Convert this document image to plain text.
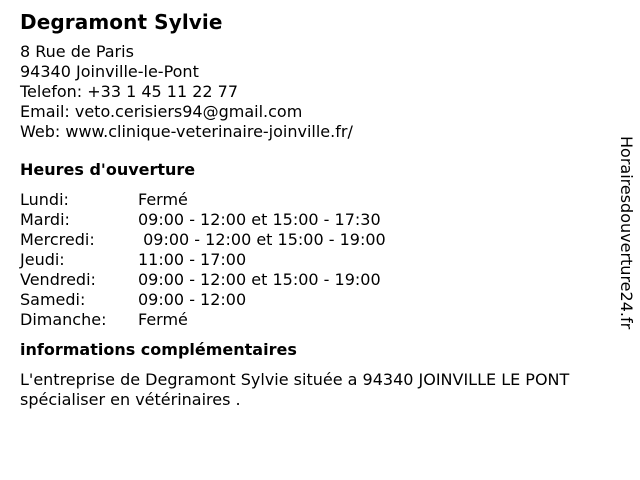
Degramont Sylvie
8 Rue de Paris
94340 Joinville-le-Pont
Telefon: +33 1 45 11 22 77
Email: veto.cerisiers94@gmail.com
Web: www.clinique-veterinaire-joinville.fr/
Heures d'ouverture
Lundi:	Fermé
Mardi:	09:00 - 12:00 et 15:00 - 17:30
Mercredi:	09:00 - 12:00 et 15:00 - 19:00
Jeudi:	11:00 - 17:00
Vendredi:	09:00 - 12:00 et 15:00 - 19:00
Samedi:	09:00 - 12:00
Dimanche:	Fermé
informations complémentaires
L'entreprise de Degramont Sylvie située a 94340 JOINVILLE LE PONT spécialiser en vétérinaires .
Horairesdouverture24.fr
